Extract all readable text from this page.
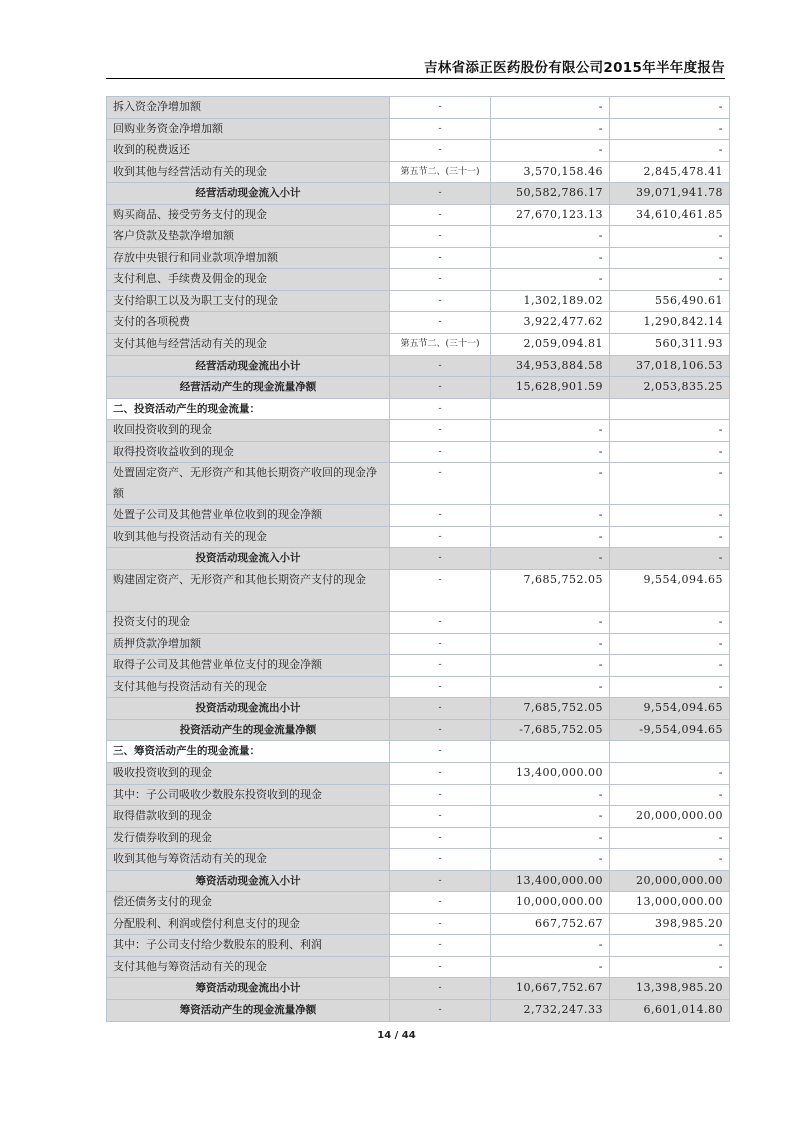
吉林省添正医药股份有限公司2015年半年度报告
拆入资金净增加额	-	-	-
回购业务资金净增加额	-	-	-
收到的税费返还	-	-	-
收到其他与经营活动有关的现金	第五节二、(三十一)	3,570,158.46	2,845,478.41
经营活动现金流入小计	-	50,582,786.17	39,071,941.78
购买商品、接受劳务支付的现金	-	27,670,123.13	34,610,461.85
客户贷款及垫款净增加额	-	-	-
存放中央银行和同业款项净增加额	-	-	-
支付利息、手续费及佣金的现金	-	-	-
支付给职工以及为职工支付的现金	-	1,302,189.02	556,490.61
支付的各项税费	-	3,922,477.62	1,290,842.14
支付其他与经营活动有关的现金	第五节二、(三十一)	2,059,094.81	560,311.93
经营活动现金流出小计	-	34,953,884.58	37,018,106.53
经营活动产生的现金流量净额	-	15,628,901.59	2,053,835.25
二、投资活动产生的现金流量：	-		
收回投资收到的现金	-	-	-
取得投资收益收到的现金	-	-	-
处置固定资产、无形资产和其他长期资产收回的现金净额	-	-	-
处置子公司及其他营业单位收到的现金净额	-	-	-
收到其他与投资活动有关的现金	-	-	-
投资活动现金流入小计	-	-	-
购建固定资产、无形资产和其他长期资产支付的现金	-	7,685,752.05	9,554,094.65
投资支付的现金	-	-	-
质押贷款净增加额	-	-	-
取得子公司及其他营业单位支付的现金净额	-	-	-
支付其他与投资活动有关的现金	-	-	-
投资活动现金流出小计	-	7,685,752.05	9,554,094.65
投资活动产生的现金流量净额	-	-7,685,752.05	-9,554,094.65
三、筹资活动产生的现金流量：	-		
吸收投资收到的现金	-	13,400,000.00	-
其中：子公司吸收少数股东投资收到的现金	-	-	-
取得借款收到的现金	-	-	20,000,000.00
发行债券收到的现金	-	-	-
收到其他与筹资活动有关的现金	-	-	-
筹资活动现金流入小计	-	13,400,000.00	20,000,000.00
偿还债务支付的现金	-	10,000,000.00	13,000,000.00
分配股利、利润或偿付利息支付的现金	-	667,752.67	398,985.20
其中：子公司支付给少数股东的股利、利润	-	-	-
支付其他与筹资活动有关的现金	-	-	-
筹资活动现金流出小计	-	10,667,752.67	13,398,985.20
筹资活动产生的现金流量净额	-	2,732,247.33	6,601,014.80
14 / 44
